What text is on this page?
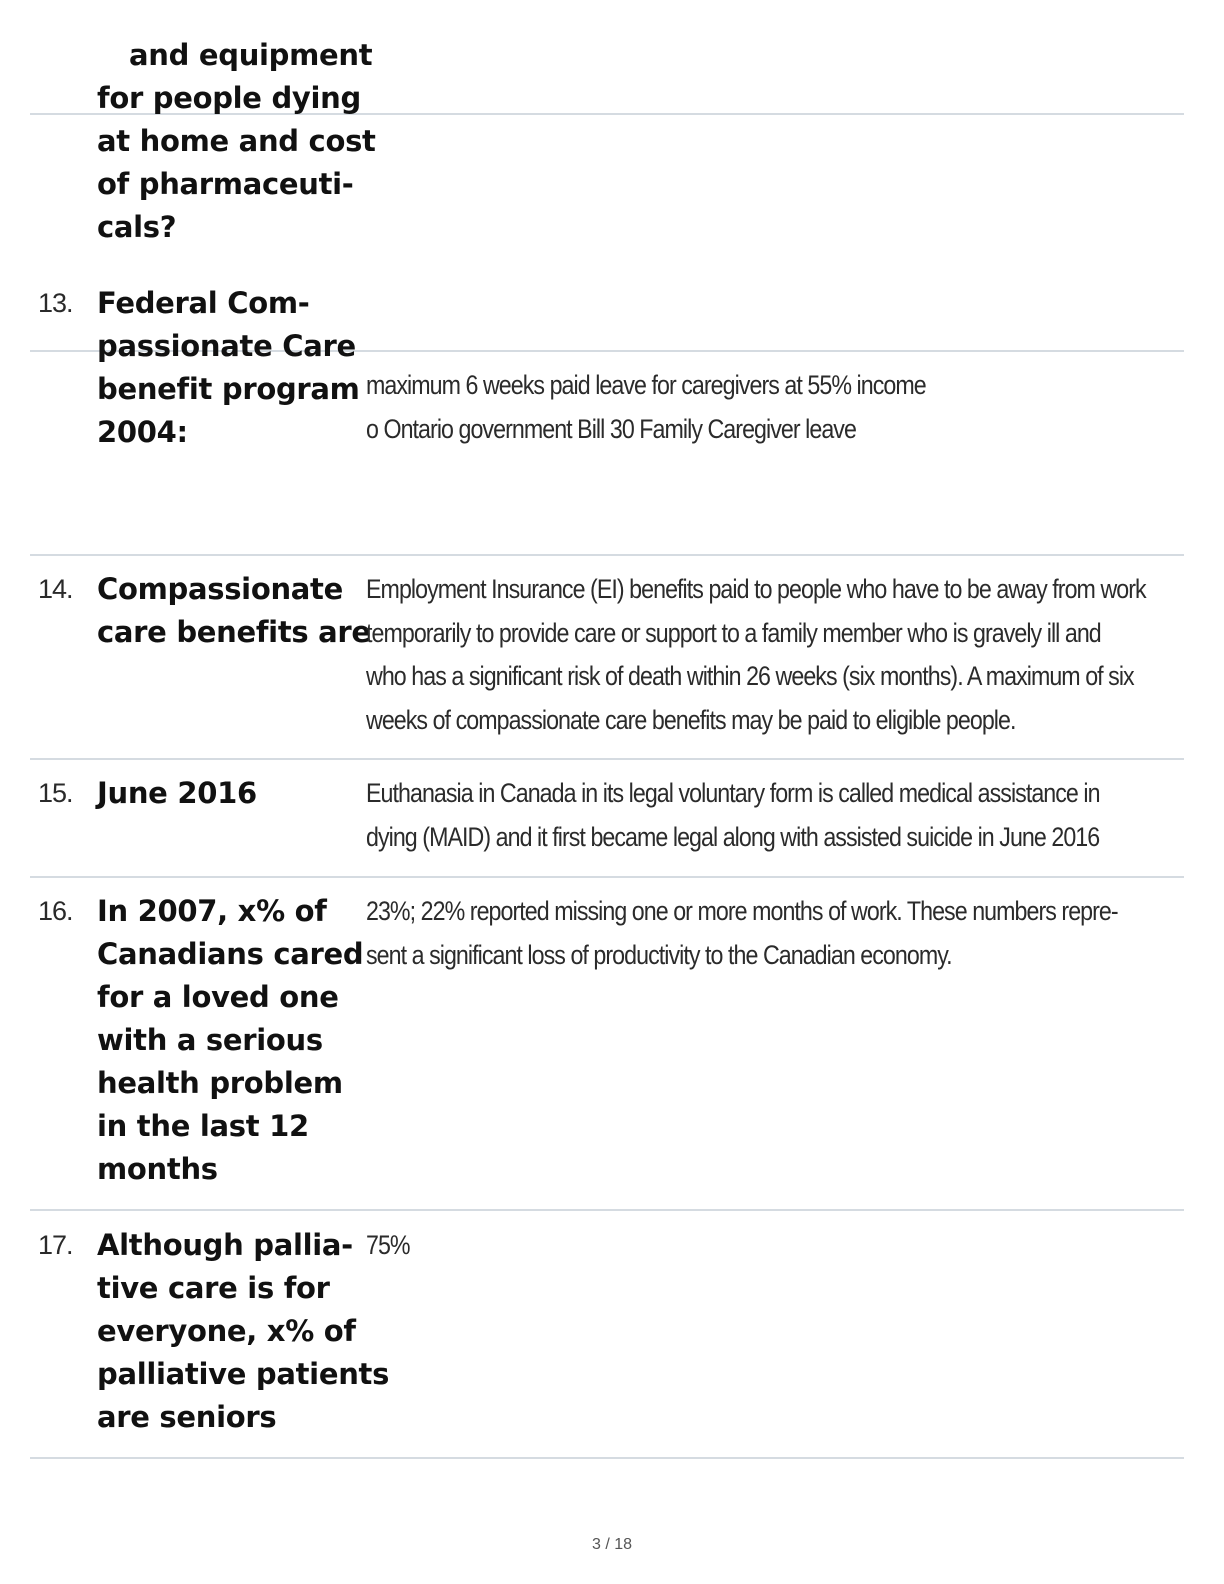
and equipment
for people dying
at home and cost
of pharmaceuti-
cals?
13. Federal Com-
passionate Care
benefit program
2004:
maximum 6 weeks paid leave for caregivers at 55% income
o Ontario government Bill 30 Family Caregiver leave
14. Compassionate
care benefits are
Employment Insurance (EI) benefits paid to people who have to be away from work
temporarily to provide care or support to a family member who is gravely ill and
who has a significant risk of death within 26 weeks (six months). A maximum of six
weeks of compassionate care benefits may be paid to eligible people.
15. June 2016	Euthanasia in Canada in its legal voluntary form is called medical assistance in
dying (MAID) and it first became legal along with assisted suicide in June 2016
16. In 2007, x% of
Canadians cared
for a loved one
with a serious
health problem
in the last 12
months
23%; 22% reported missing one or more months of work. These numbers repre-
sent a significant loss of productivity to the Canadian economy.
17. Although pallia-
tive care is for
everyone, x% of
palliative patients
are seniors
75%
3 / 18
